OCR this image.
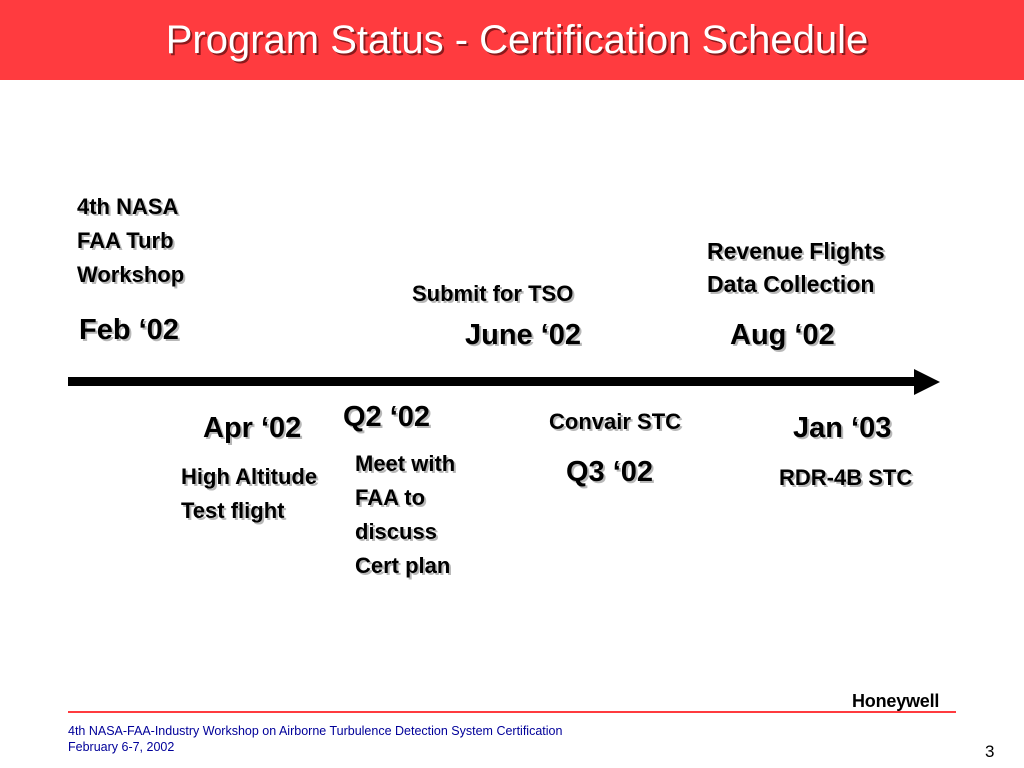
Program Status - Certification Schedule
4th NASA
FAA Turb
Workshop
Feb ‘02
Submit for TSO
June ‘02
Revenue Flights
Data Collection
Aug ‘02
Apr ‘02
High Altitude
Test flight
Q2 ‘02
Meet with
FAA to
discuss
Cert plan
Convair STC
Q3 ‘02
Jan ‘03
RDR-4B STC
Honeywell
4th NASA-FAA-Industry Workshop on Airborne Turbulence Detection System Certification
February 6-7, 2002	3
